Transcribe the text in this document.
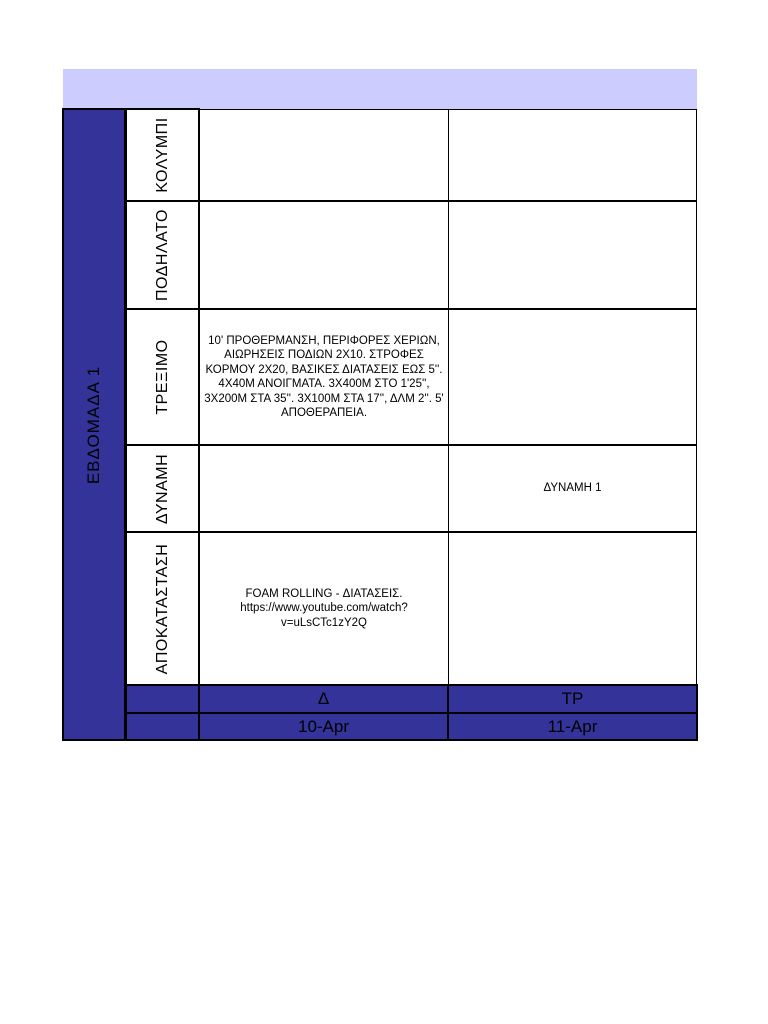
ΕΒΔΟΜΑΔΑ 1
ΚΟΛΥΜΠΙ
ΠΟΔΗΛΑΤΟ
ΤΡΕΞΙΜΟ
ΔΥΝΑΜΗ
ΑΠΟΚΑΤΑΣΤΑΣΗ
10' ΠΡΟΘΕΡΜΑΝΣΗ, ΠΕΡΙΦΟΡΕΣ ΧΕΡΙΩΝ, ΑΙΩΡΗΣΕΙΣ ΠΟΔΙΩΝ 2Χ10. ΣΤΡΟΦΕΣ ΚΟΡΜΟΥ 2Χ20, ΒΑΣΙΚΕΣ ΔΙΑΤΑΣΕΙΣ ΕΩΣ 5''. 4Χ40Μ ΑΝΟΙΓΜΑΤΑ. 3Χ400Μ ΣΤΟ 1'25'', 3Χ200Μ ΣΤΑ 35''. 3Χ100Μ ΣΤΑ 17'', ΔΛΜ 2''. 5' ΑΠΟΘΕΡΑΠΕΙΑ.
FOAM ROLLING - ΔΙΑΤΑΣΕΙΣ. https://www.youtube.com/watch?v=uLsCTc1zY2Q
ΔΥΝΑΜΗ 1
Δ	ΤΡ
10-Apr	11-Apr
